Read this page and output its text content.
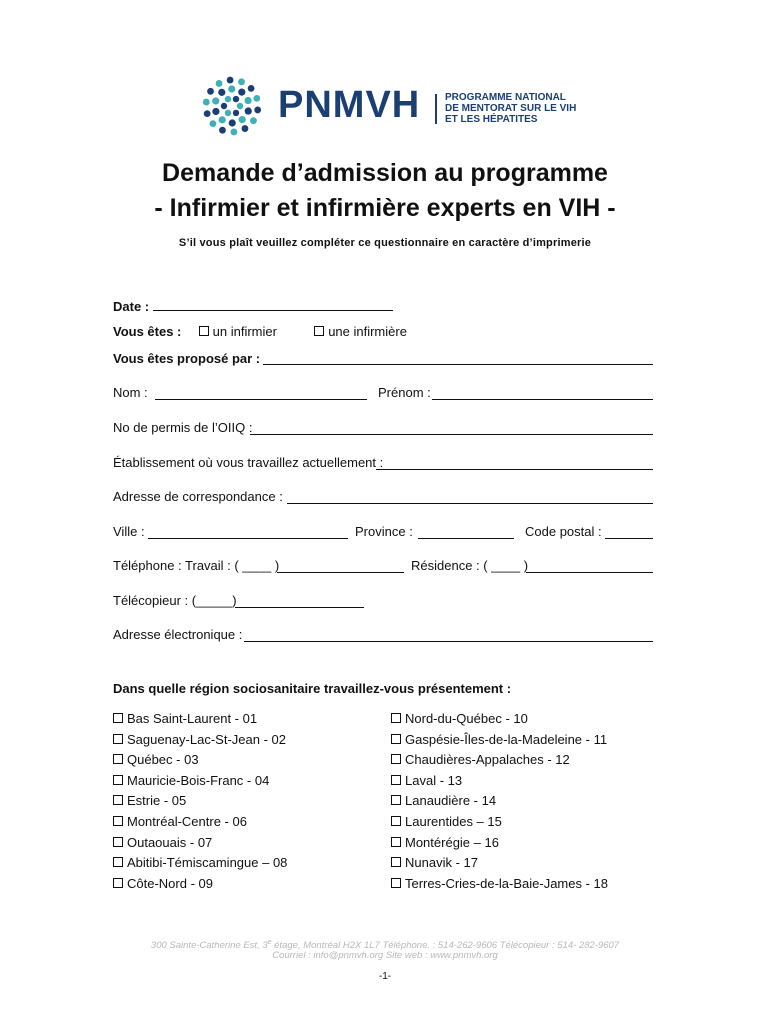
PNMVH PROGRAMME NATIONAL
DE MENTORAT SUR LE VIH
ET LES HÉPATITES
Demande d’admission au programme
- Infirmier et infirmière experts en VIH -
S’il vous plaît veuillez compléter ce questionnaire en caractère d’imprimerie
Date :
Vous êtes : un infirmier	une infirmière
Vous êtes proposé par :
Nom :	Prénom :
No de permis de l’OIIQ :
Établissement où vous travaillez actuellement :
Adresse de correspondance :
Ville :	Province :	Code postal :
Téléphone : Travail : ( ____ )	Résidence : ( ____ )
Télécopieur : (_____)
Adresse électronique :
Dans quelle région sociosanitaire travaillez-vous présentement :
Bas Saint-Laurent - 01
Saguenay-Lac-St-Jean - 02
Québec - 03
Mauricie-Bois-Franc - 04
Estrie - 05
Montréal-Centre - 06
Outaouais - 07
Abitibi-Témiscamingue – 08
Côte-Nord - 09
Nord-du-Québec - 10
Gaspésie-Îles-de-la-Madeleine - 11
Chaudières-Appalaches - 12
Laval - 13
Lanaudière - 14
Laurentides – 15
Montérégie – 16
Nunavik - 17
Terres-Cries-de-la-Baie-James - 18
300 Sainte-Catherine Est, 3e étage, Montréal H2X 1L7 Téléphone. : 514-262-9606 Télécopieur : 514- 282-9607
Courriel : info@pnmvh.org Site web : www.pnmvh.org
-1-
